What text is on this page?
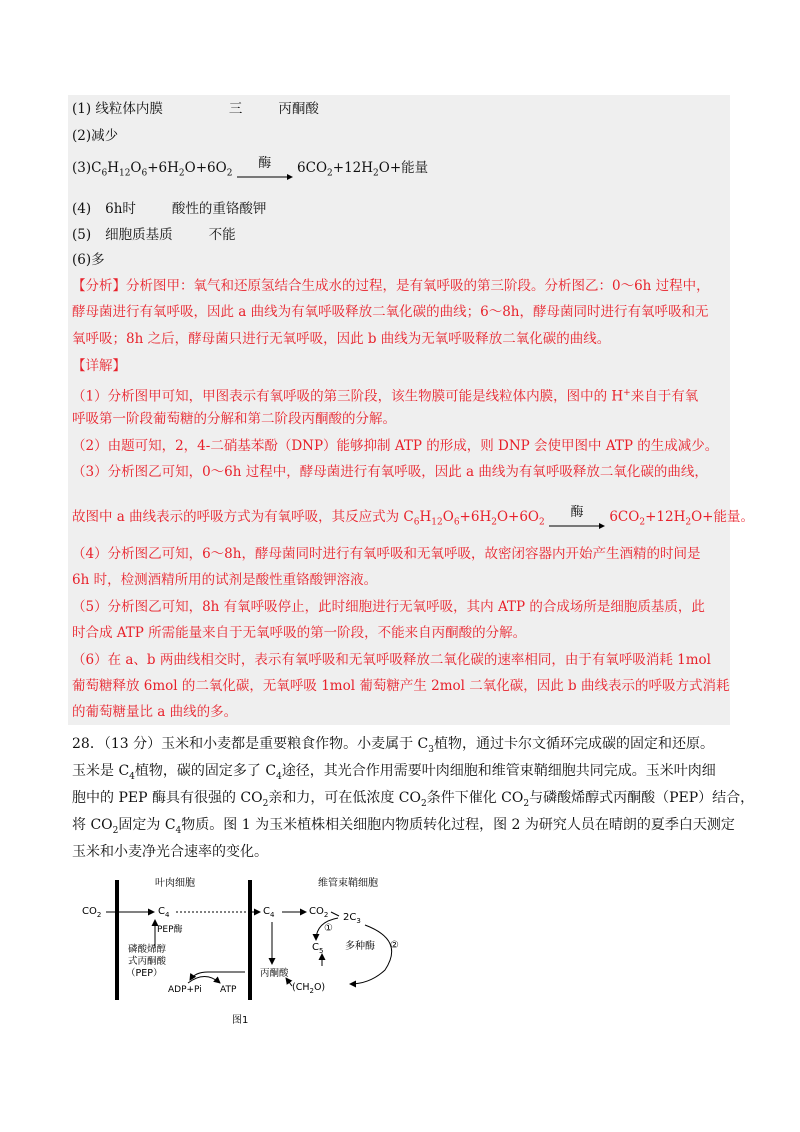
(1) 线粒体内膜	三	丙酮酸
(2)减少
$(3)C_6H_{12}O_6+6H_2O+6O_2$
酶	$6CO_2+12H_2O+$能量
(4) 6h时	酸性的重铬酸钾
(5) 细胞质基质	不能
(6)多
【分析】分析图甲：氧气和还原氢结合生成水的过程，是有氧呼吸的第三阶段。分析图乙：0～6h 过程中，
酵母菌进行有氧呼吸，因此 a 曲线为有氧呼吸释放二氧化碳的曲线；6～8h，酵母菌同时进行有氧呼吸和无
氧呼吸；8h 之后，酵母菌只进行无氧呼吸，因此 b 曲线为无氧呼吸释放二氧化碳的曲线。
【详解】
（1）分析图甲可知，甲图表示有氧呼吸的第三阶段，该生物膜可能是线粒体内膜，图中的 H+来自于有氧
呼吸第一阶段葡萄糖的分解和第二阶段丙酮酸的分解。
（2）由题可知，2，4-二硝基苯酚（DNP）能够抑制 ATP 的形成，则 DNP 会使甲图中 ATP 的生成减少。
（3）分析图乙可知，0～6h 过程中，酵母菌进行有氧呼吸，因此 a 曲线为有氧呼吸释放二氧化碳的曲线，
故图中 a 曲线表示的呼吸方式为有氧呼吸，其反应式为 $C_6H_{12}O_6+6H_2O+6O_2$
酶	$6CO_2+12H_2O+$能量。
（4）分析图乙可知，6～8h，酵母菌同时进行有氧呼吸和无氧呼吸，故密闭容器内开始产生酒精的时间是
6h 时，检测酒精所用的试剂是酸性重铬酸钾溶液。
（5）分析图乙可知，8h 有氧呼吸停止，此时细胞进行无氧呼吸，其内 ATP 的合成场所是细胞质基质，此
时合成 ATP 所需能量来自于无氧呼吸的第一阶段，不能来自丙酮酸的分解。
（6）在 a、b 两曲线相交时，表示有氧呼吸和无氧呼吸释放二氧化碳的速率相同，由于有氧呼吸消耗 1mol
葡萄糖释放 6mol 的二氧化碳，无氧呼吸 1mol 葡萄糖产生 2mol 二氧化碳，因此 b 曲线表示的呼吸方式消耗
的葡萄糖量比 a 曲线的多。
28．（13 分）玉米和小麦都是重要粮食作物。小麦属于 $C_3$植物，通过卡尔文循环完成碳的固定和还原。
玉米是 $C_4$植物，碳的固定多了 $C_4$途径，其光合作用需要叶肉细胞和维管束鞘细胞共同完成。玉米叶肉细
胞中的 PEP 酶具有很强的 $CO_2$亲和力，可在低浓度 $CO_2$条件下催化 $CO_2$与磷酸烯醇式丙酮酸（PEP）结合，
将 $CO_2$固定为 $C_4$物质。图 1 为玉米植株相关细胞内物质转化过程，图 2 为研究人员在晴朗的夏季白天测定
玉米和小麦净光合速率的变化。
叶肉细胞	维管束鞘细胞
$CO_2$	$C_4$	$C_4$
PEP酶
磷酸烯醇
式丙酮酸
（PEP）
ADP+Pi ATP
丙酮酸
$CO_2$ $2C_3$
①
$C_5$ 多种酶 ②
$(CH_2O)$
图1
